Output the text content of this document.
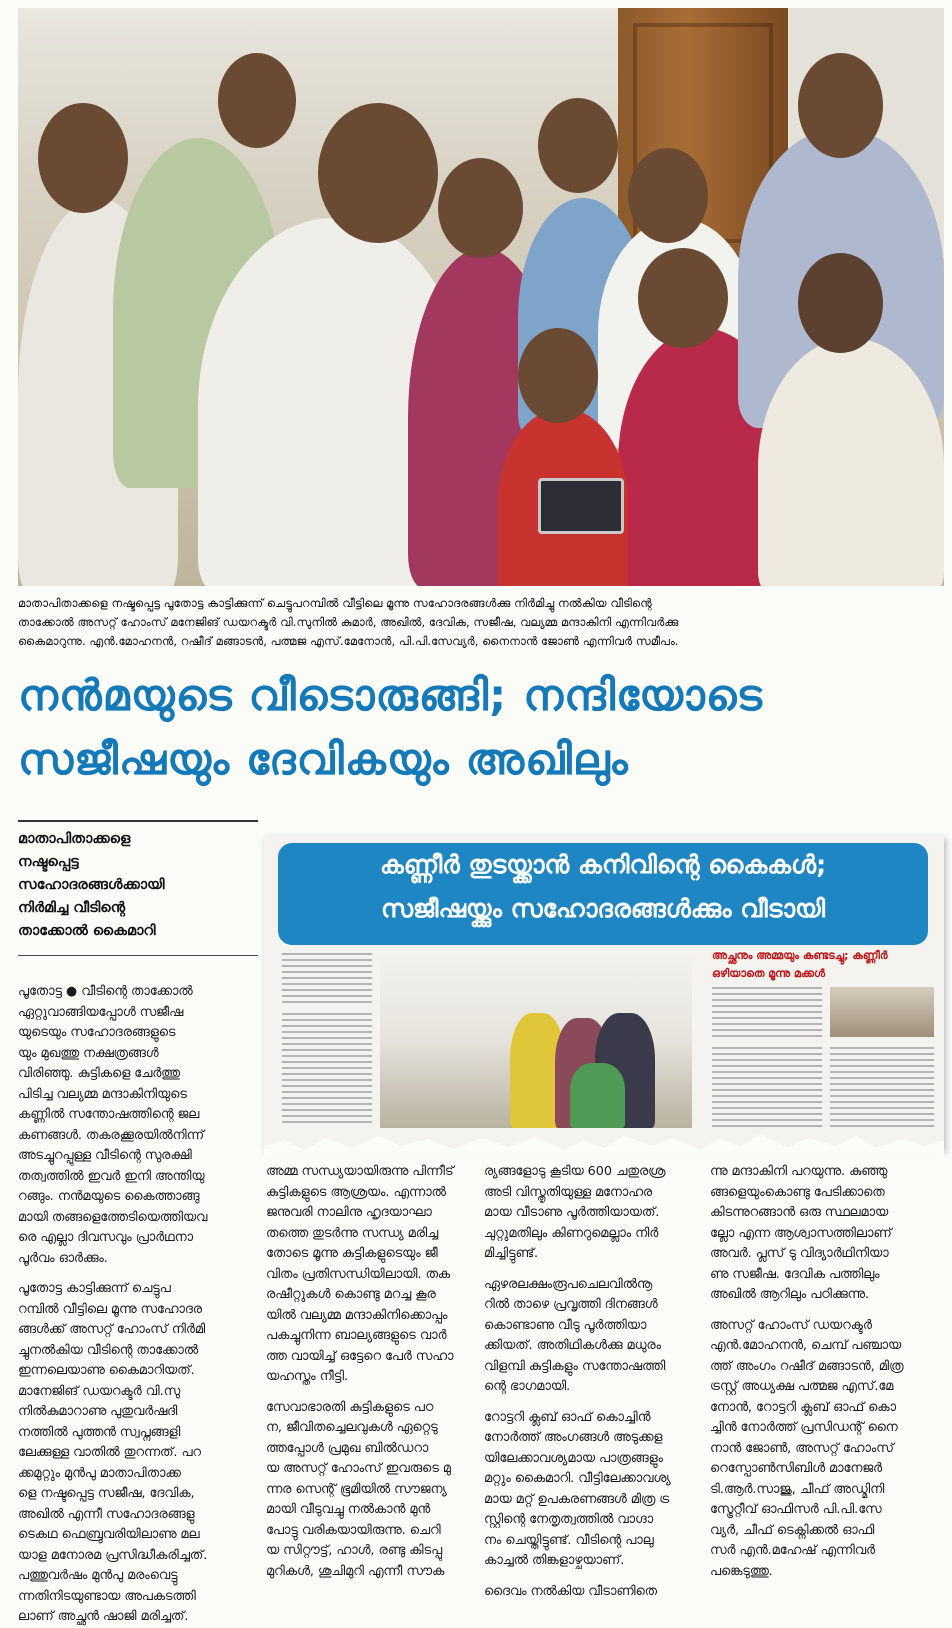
മാതാപിതാക്കളെ നഷ്ടപ്പെട്ട പൂതോട്ട കാട്ടിക്കുന്ന് ചെട്ടുപറമ്പിൽ വീട്ടിലെ മൂന്നു സഹോദരങ്ങൾക്കു നിർമിച്ചു നൽകിയ വീടിന്റെ
താക്കോൽ അസറ്റ് ഹോംസ് മനേജിങ് ഡയറക്ടർ വി.സുനിൽ കുമാർ, അഖിൽ, ദേവിക, സജീഷ, വല്യമ്മ മന്ദാകിനി എന്നിവർക്കു
കൈമാറുന്നു. എൻ.മോഹനൻ, റഷീദ് മങ്ങാടൻ, പത്മജ എസ്.മേനോൻ, പി.പി.സേവ്യർ, നൈനാൻ ജോൺ എന്നിവർ സമീപം.
നൻമയുടെ വീടൊരുങ്ങി; നന്ദിയോടെ
സജീഷയും ദേവികയും അഖിലും
മാതാപിതാക്കളെ
നഷ്ടപ്പെട്ട
സഹോദരങ്ങൾക്കായി
നിർമിച്ച വീടിന്റെ
താക്കോൽ കൈമാറി
കണ്ണീർ തുടയ്ക്കാൻ കനിവിന്റെ കൈകൾ;
സജീഷയ്ക്കും സഹോദരങ്ങൾക്കും വീടായി
അച്ഛനും അമ്മയും കണ്ടടച്ചു; കണ്ണീർ
ഒഴിയാതെ മൂന്നു മക്കൾ
പൂതോട്ട ● വീടിന്റെ താക്കോൽ
ഏറ്റുവാങ്ങിയപ്പോൾ സജീഷ
യുടെയും സഹോദരങ്ങളുടെ
യും മുഖത്തു നക്ഷത്രങ്ങൾ
വിരിഞ്ഞു. കുട്ടികളെ ചേർത്തു
പിടിച്ച വല്യമ്മ മന്ദാകിനിയുടെ
കണ്ണിൽ സന്തോഷത്തിന്റെ ജല
കണങ്ങൾ. തകരക്കൂരയിൽനിന്ന്
അടച്ചുറപ്പുള്ള വീടിന്റെ സുരക്ഷി
തത്വത്തിൽ ഇവർ ഇനി അന്തിയു
റങ്ങും. നൻമയുടെ കൈത്താങ്ങു
മായി തങ്ങളെത്തേടിയെത്തിയവ
രെ എല്ലാ ദിവസവും പ്രാർഥനാ
പൂർവം ഓർക്കും.
പൂതോട്ട കാട്ടിക്കുന്ന് ചെട്ടുപ
റമ്പിൽ വീട്ടിലെ മൂന്നു സഹോദര
ങ്ങൾക്ക് അസറ്റ് ഹോംസ് നിർമി
ച്ചുനൽകിയ വീടിന്റെ താക്കോൽ
ഇന്നലെയാണു കൈമാറിയത്.
മാനേജിങ് ഡയറക്ടർ വി.സു
നിൽകുമാറാണു പുതുവർഷദി
നത്തിൽ പുത്തൻ സ്വപ്നങ്ങളി
ലേക്കുള്ള വാതിൽ തുറന്നത്. പറ
ക്കമുറ്റും മുൻപു മാതാപിതാക്ക
ളെ നഷ്ടപ്പെട്ട സജീഷ, ദേവിക,
അഖിൽ എന്നീ സഹോദരങ്ങളു
ടെകഥ ഫെബ്രുവരിയിലാണു മല
യാള മനോരമ പ്രസിദ്ധീകരിച്ചത്.
പത്തുവർഷം മുൻപു മരംവെട്ടു
ന്നതിനിടയുണ്ടായ അപകടത്തി
ലാണ് അച്ഛൻ ഷാജി മരിച്ചത്.
അമ്മ സന്ധ്യയായിരുന്നു പിന്നീട്
കുട്ടികളുടെ ആശ്രയം. എന്നാൽ
ജനുവരി നാലിനു ഹൃദയാഘാ
തത്തെ തുടർന്നു സന്ധ്യ മരിച്ച
തോടെ മൂന്നു കുട്ടികളുടെയും ജീ
വിതം പ്രതിസന്ധിയിലായി. തക
രഷീറ്റുകൾ കൊണ്ടു മറച്ച കൂര
യിൽ വല്യമ്മ മന്ദാകിനിക്കൊപ്പം
പകച്ചുനിന്ന ബാല്യങ്ങളുടെ വാർ
ത്ത വായിച്ച് ഒട്ടേറെ പേർ സഹാ
യഹസ്തം നീട്ടി.
സേവാഭാരതി കുട്ടികളുടെ പഠ
ന, ജീവിതച്ചെലവുകൾ ഏറ്റെടു
ത്തപ്പോൾ പ്രമുഖ ബിൽഡറാ
യ അസറ്റ് ഹോംസ് ഇവരുടെ മു
ന്നര സെന്റ് ഭൂമിയിൽ സൗജന്യ
മായി വീടുവച്ചു നൽകാൻ മുൻ
പോട്ടു വരികയായിരുന്നു. ചെറി
യ സിറ്റൗട്ട്, ഹാൾ, രണ്ടു കിടപ്പു
മുറികൾ, ശുചിമുറി എന്നീ സൗക
ര്യങ്ങളോടു കൂടിയ 600 ചതുരശ്ര
അടി വിസ്തൃതിയുള്ള മനോഹര
മായ വീടാണു പൂർത്തിയായത്.
ചുറ്റുമതിലും കിണറുമെല്ലാം നിർ
മിച്ചിട്ടുണ്ട്.
ഏഴരലക്ഷംരൂപചെലവിൽനൂ
റിൽ താഴെ പ്രവൃത്തി ദിനങ്ങൾ
കൊണ്ടാണു വീടു പൂർത്തിയാ
ക്കിയത്. അതിഥികൾക്കു മധുരം
വിളമ്പി കുട്ടികളും സന്തോഷത്തി
ന്റെ ഭാഗമായി.
റോട്ടറി ക്ലബ് ഓഫ് കൊച്ചിൻ
നോർത്ത് അംഗങ്ങൾ അടുക്കള
യിലേക്കാവശ്യമായ പാത്രങ്ങളും
മറ്റും കൈമാറി. വീട്ടിലേക്കാവശ്യ
മായ മറ്റ് ഉപകരണങ്ങൾ മിത്ര ട്ര
സ്റ്റിന്റെ നേതൃത്വത്തിൽ വാഗ്ദാ
നം ചെയ്തിട്ടുണ്ട്. വീടിന്റെ പാലു
കാച്ചൽ തിങ്കളാഴ്ചയാണ്.
ദൈവം നൽകിയ വീടാണിതെ
ന്നു മന്ദാകിനി പറയുന്നു. കുഞ്ഞു
ങ്ങളെയുംകൊണ്ടു പേടിക്കാതെ
കിടന്നുറങ്ങാൻ ഒരു സ്ഥലമായ
ല്ലോ എന്ന ആശ്വാസത്തിലാണ്
അവർ. പ്ലസ് ടു വിദ്യാർഥിനിയാ
ണു സജീഷ. ദേവിക പത്തിലും
അഖിൽ ആറിലും പഠിക്കുന്നു.
അസറ്റ് ഹോംസ് ഡയറക്ടർ
എൻ.മോഹനൻ, ചെമ്പ് പഞ്ചായ
ത്ത് അംഗം റഷീദ് മങ്ങാടൻ, മിത്ര
ട്രസ്റ്റ് അധ്യക്ഷ പത്മജ എസ്.മേ
നോൻ, റോട്ടറി ക്ലബ് ഓഫ് കൊ
ച്ചിൻ നോർത്ത് പ്രസിഡന്റ് നൈ
നാൻ ജോൺ, അസറ്റ് ഹോംസ്
റെസ്പോൺസിബിൾ മാനേജർ
ടി.ആർ.സാജു, ചീഫ് അഡ്മിനി
സ്ട്രേറ്റീവ് ഓഫിസർ പി.പി.സേ
വ്യർ, ചീഫ് ടെക്നിക്കൽ ഓഫി
സർ എൻ.മഹേഷ് എന്നിവർ
പങ്കെടുത്തു.
